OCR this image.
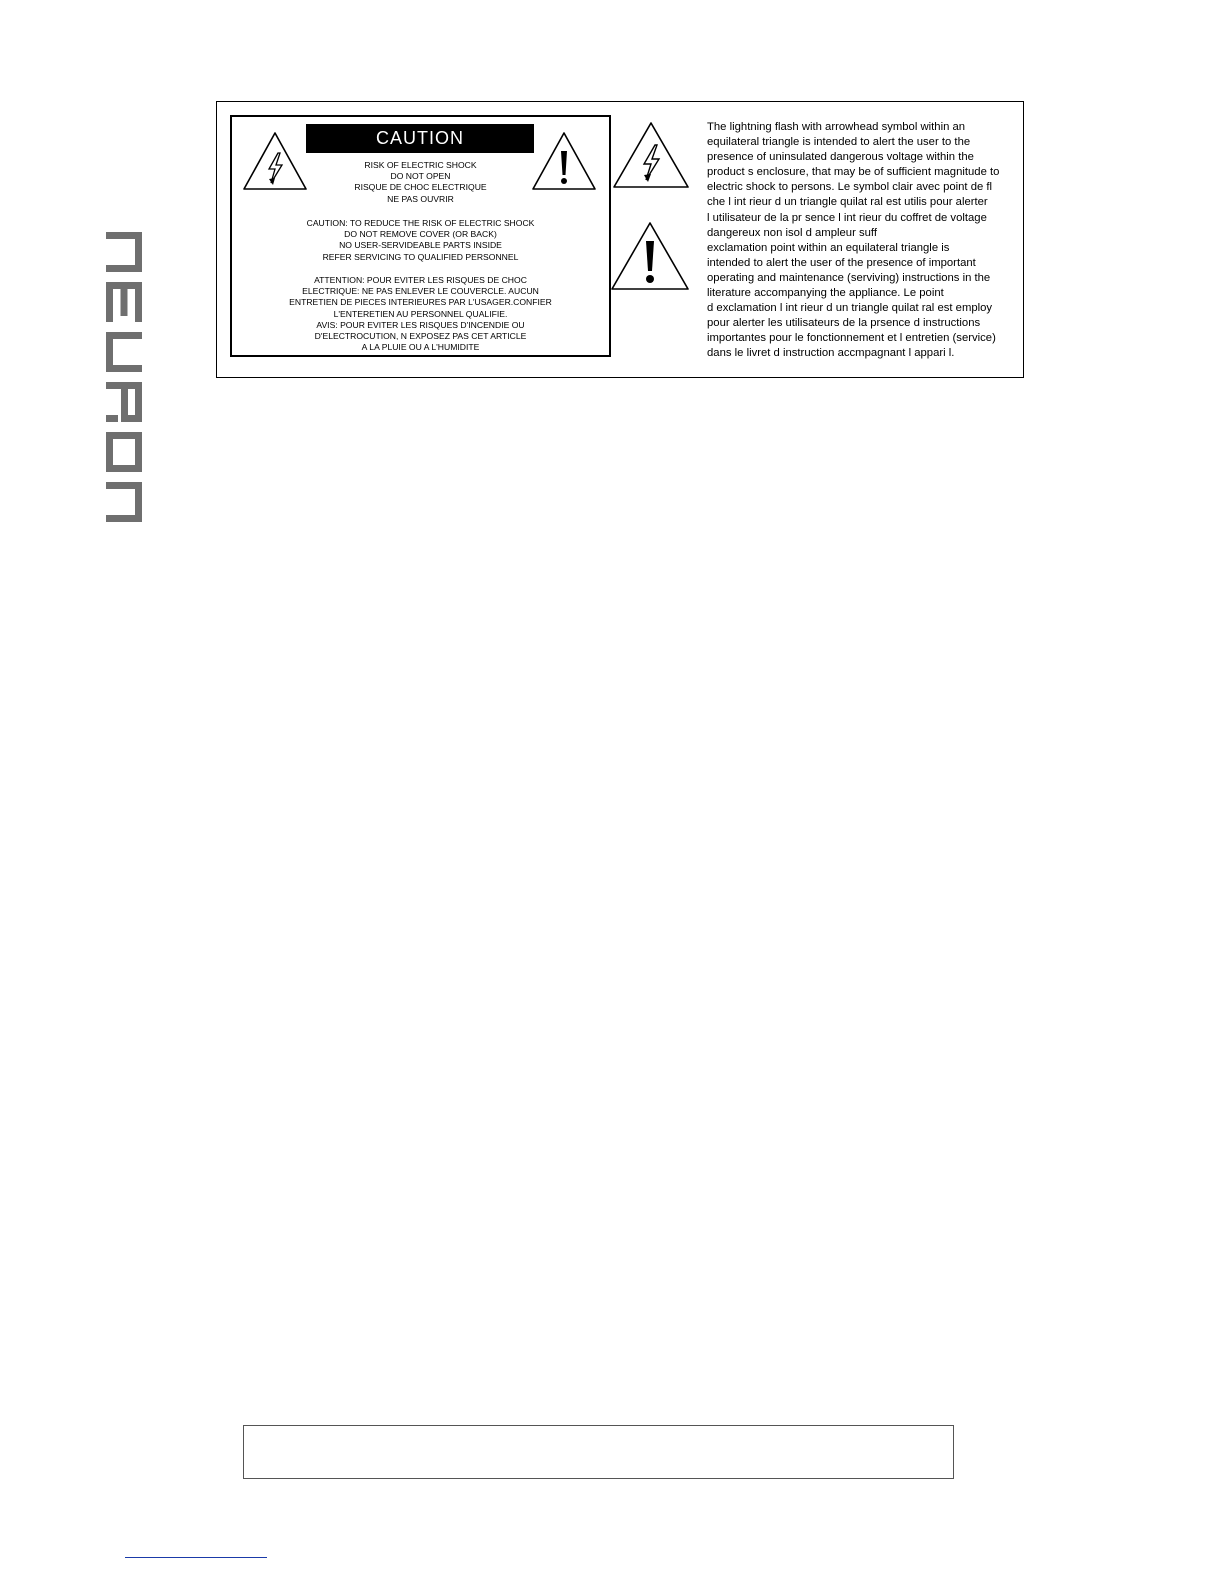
CAUTION
RISK OF ELECTRIC SHOCK
DO NOT OPEN
RISQUE DE CHOC ELECTRIQUE
NE PAS OUVRIR
CAUTION: TO REDUCE THE RISK OF ELECTRIC SHOCK
DO NOT REMOVE COVER (OR BACK)
NO USER-SERVIDEABLE PARTS INSIDE
REFER SERVICING TO QUALIFIED PERSONNEL
ATTENTION: POUR EVITER LES RISQUES DE CHOC
ELECTRIQUE: NE PAS ENLEVER LE COUVERCLE. AUCUN
ENTRETIEN DE PIECES INTERIEURES PAR L'USAGER.CONFIER
L'ENTERETIEN AU PERSONNEL QUALIFIE.
AVIS: POUR EVITER LES RISQUES D'INCENDIE OU
D'ELECTROCUTION, N EXPOSEZ PAS CET ARTICLE
A LA PLUIE OU A L'HUMIDITE
The lightning flash with arrowhead symbol within an
equilateral triangle is intended to alert the user to the
presence of uninsulated dangerous voltage within the
product s enclosure, that may be of sufficient magnitude to
electric shock to persons. Le symbol clair avec point de fl
che l int rieur d un triangle quilat ral est utilis pour alerter
l utilisateur de la pr sence l int rieur du coffret de voltage
dangereux non isol d ampleur suff
exclamation point within an equilateral triangle is
intended to alert the user of the presence of important
operating and maintenance (serviving) instructions in the
literature accompanying the appliance. Le point
d exclamation l int rieur d un triangle quilat ral est employ
pour alerter les utilisateurs de la prsence d instructions
importantes pour le fonctionnement et l entretien (service)
dans le livret d instruction accmpagnant l appari l.
